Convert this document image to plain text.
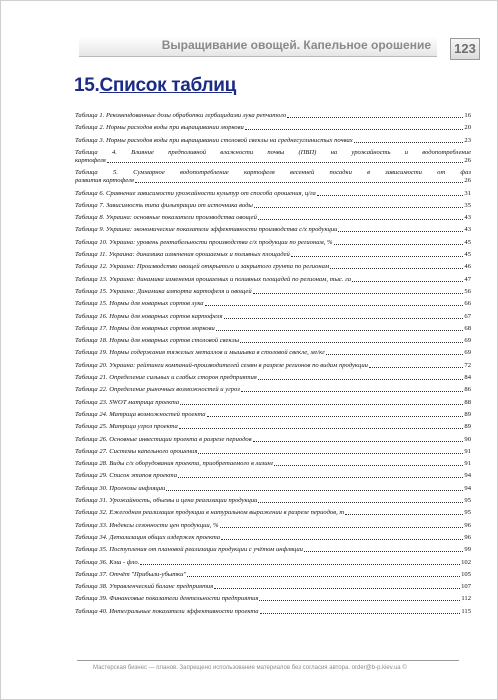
Выращивание овощей. Капельное орошение	123
15.Список таблиц
Таблица 1. Рекомендованные дозы обработки гербицидами лука репчатого	16
Таблица 2. Нормы расходов воды при выращивании моркови	20
Таблица 3. Нормы расходов воды при выращивании столовой свеклы на среднесуглинистых почвах	23
Таблица 4. Влияние предполивной влажности почвы (ПВП) на урожайность и водопотребление
картофеля	26
Таблица 5. Суммарное водопотребление картофеля весенней посадки в зависимости от фаз
развития картофеля	26
Таблица 6. Сравнение зависимости урожайности культур от способа орошения, ц/га	31
Таблица 7. Зависимость типа фильтрации от источника воды	35
Таблица 8. Украина: основные показатели производства овощей	43
Таблица 9. Украина: экономические показатели эффективности производства с/х продукции	43
Таблица 10. Украина: уровень рентабельности производства с/х продукции по регионам, %	45
Таблица 11. Украина: динамика изменения орошаемых и поливных площадей	45
Таблица 12. Украина: Производство овощей открытого и закрытого грунта по регионам	46
Таблица 13. Украина: динамика изменения орошаемых и поливных площадей по регионам, тыс. га	47
Таблица 15. Украина: Динамика импорта картофеля и овощей	56
Таблица 15. Нормы для новарных сортов лука	66
Таблица 16. Нормы для новарных сортов картофеля	67
Таблица 17. Нормы для новарных сортов моркови	68
Таблица 18. Нормы для новарных сортов столовой свеклы	69
Таблица 19. Нормы содержания тяжелых металлов и мышьяка в столовой свекле, мг/кг	69
Таблица 20. Украина: рейтинги компаний-производителей семян в разрезе регионов по видам продукции	72
Таблица 21. Определение сильных и слабых сторон предприятия	84
Таблица 22. Определение рыночных возможностей и угроз	86
Таблица 23. SWOT матрица проекта	88
Таблица 24. Матрица возможностей проекта	89
Таблица 25. Матрица угроз проекта	89
Таблица 26. Основные инвестиции проекта в разрезе периодов	90
Таблица 27. Системы капельного орошения	91
Таблица 28. Виды с/х оборудования проекта, приобретаемого в лизинг	91
Таблица 29. Список этапов проекта	94
Таблица 30. Прогнозы инфляции	94
Таблица 31. Урожайность, объемы и цена реализации продукции	95
Таблица 32. Ежегодная реализация продукции в натуральном выражении в разрезе периодов, т	95
Таблица 33. Индексы сезонности цен продукции, %	96
Таблица 34. Детализация общих издержек проекта	96
Таблица 35. Поступления от плановой реализации продукции с учётом инфляции	99
Таблица 36. Кэш - фло.	102
Таблица 37. Отчёт "Прибыли-убытки"	105
Таблица 38. Управленческий баланс предприятия	107
Таблица 39. Финансовые показатели деятельности предприятия	112
Таблица 40. Интегральные показатели эффективности проекта	115
Мастерская бизнес — планов. Запрещено использование материалов без согласия автора. order@b-p.kiev.ua ©
